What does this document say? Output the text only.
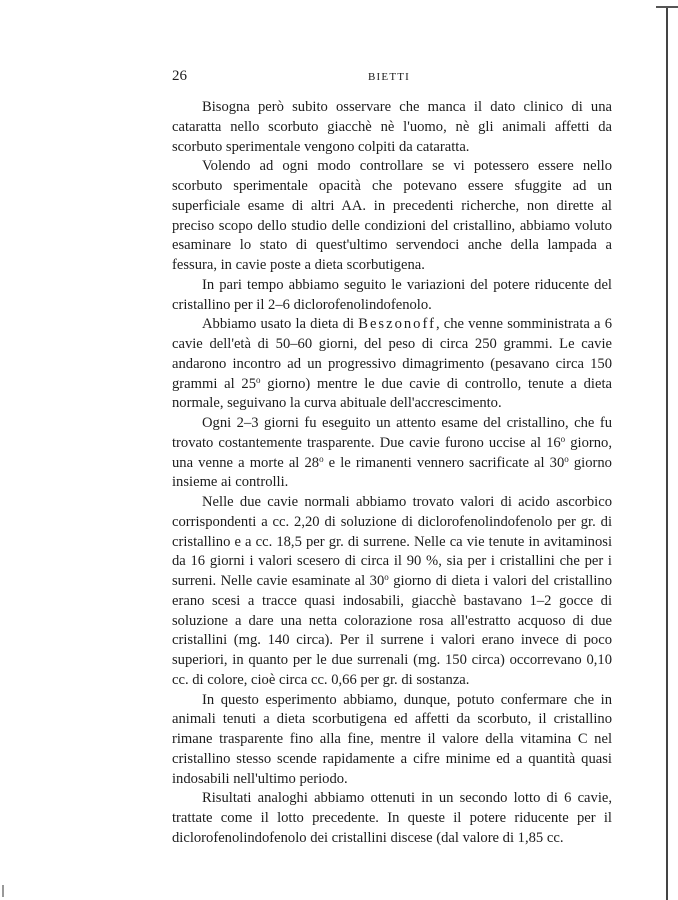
26	BIETTI

Bisogna però subito osservare che manca il dato clinico di una cataratta nello scorbuto giacchè nè l'uomo, nè gli animali affetti da scorbuto sperimentale vengono colpiti da cataratta.

Volendo ad ogni modo controllare se vi potessero essere nello scorbuto sperimentale opacità che potevano essere sfuggite ad un superficiale esame di altri AA. in precedenti richerche, non dirette al preciso scopo dello studio delle condizioni del cristallino, abbiamo voluto esaminare lo stato di quest'ultimo servendoci anche della lampada a fessura, in cavie poste a dieta scorbutigena.

In pari tempo abbiamo seguito le variazioni del potere riducente del cristallino per il 2–6 diclorofenolindofenolo.

Abbiamo usato la dieta di Beszonoff, che venne somministrata a 6 cavie dell'età di 50–60 giorni, del peso di circa 250 grammi. Le cavie andarono incontro ad un progressivo dimagrimento (pesavano circa 150 grammi al 25$^o$ giorno) mentre le due cavie di controllo, tenute a dieta normale, seguivano la curva abituale dell'accrescimento.

Ogni 2–3 giorni fu eseguito un attento esame del cristallino, che fu trovato costantemente trasparente. Due cavie furono uccise al 16$^o$ giorno, una venne a morte al 28$^o$ e le rimanenti vennero sacrificate al 30$^o$ giorno insieme ai controlli.

Nelle due cavie normali abbiamo trovato valori di acido ascorbico corrispondenti a cc. 2,20 di soluzione di diclorofenolindofenolo per gr. di cristallino e a cc. 18,5 per gr. di surrene. Nelle ca vie tenute in avitaminosi da 16 giorni i valori scesero di circa il 90 %, sia per i cristallini che per i surreni. Nelle cavie esaminate al 30$^o$ giorno di dieta i valori del cristallino erano scesi a tracce quasi indosabili, giacchè bastavano 1–2 gocce di soluzione a dare una netta colorazione rosa all'estratto acquoso di due cristallini (mg. 140 circa). Per il surrene i valori erano invece di poco superiori, in quanto per le due surrenali (mg. 150 circa) occorrevano 0,10 cc. di colore, cioè circa cc. 0,66 per gr. di sostanza.

In questo esperimento abbiamo, dunque, potuto confermare che in animali tenuti a dieta scorbutigena ed affetti da scorbuto, il cristallino rimane trasparente fino alla fine, mentre il valore della vitamina C nel cristallino stesso scende rapidamente a cifre minime ed a quantità quasi indosabili nell'ultimo periodo.

Risultati analoghi abbiamo ottenuti in un secondo lotto di 6 cavie, trattate come il lotto precedente. In queste il potere riducente per il diclorofenolindofenolo dei cristallini discese (dal valore di 1,85 cc.
